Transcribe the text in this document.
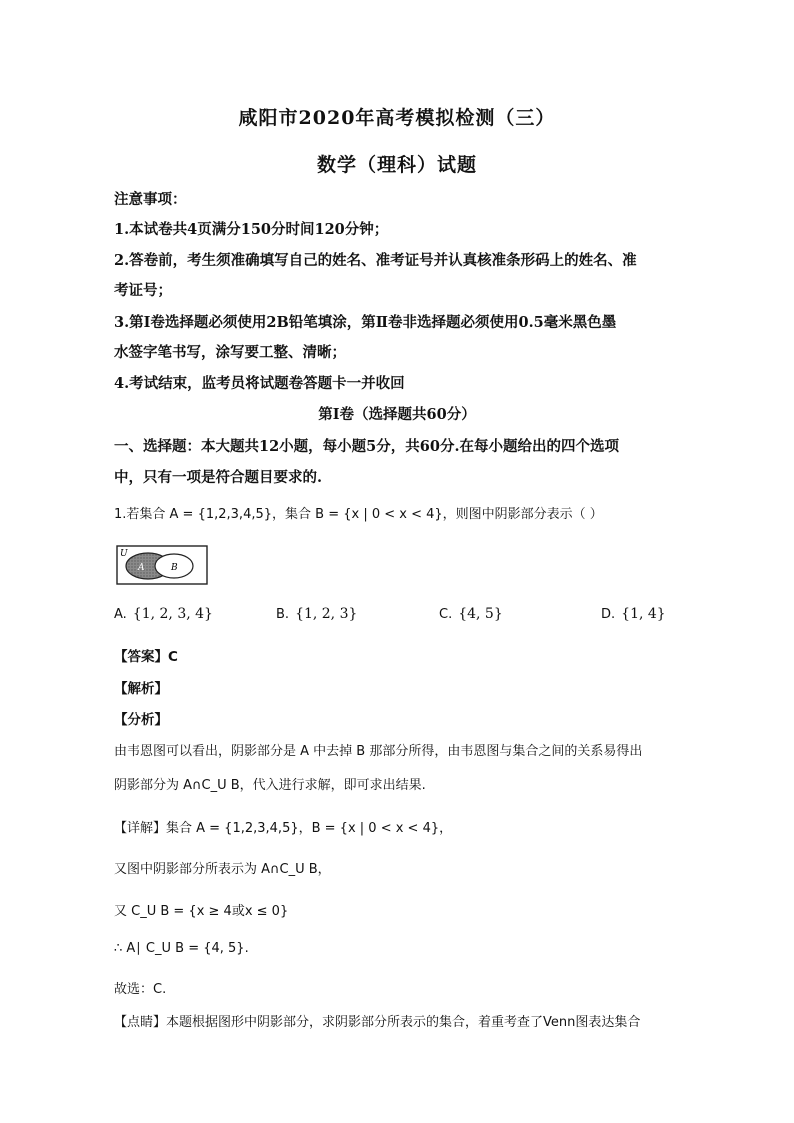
咸阳市2020年高考模拟检测（三）
数学（理科）试题
注意事项：
1.本试卷共4页满分150分时间120分钟；
2.答卷前，考生须准确填写自己的姓名、准考证号并认真核准条形码上的姓名、准
考证号；
3.第Ⅰ卷选择题必须使用2B铅笔填涂，第Ⅱ卷非选择题必须使用0.5毫米黑色墨
水签字笔书写，涂写要工整、清晰；
4.考试结束，监考员将试题卷答题卡一并收回
第Ⅰ卷（选择题共60分）
一、选择题：本大题共12小题，每小题5分，共60分.在每小题给出的四个选项
中，只有一项是符合题目要求的.
1.若集合 A = {1,2,3,4,5}，集合 B = {x | 0 < x < 4}，则图中阴影部分表示（ ）
U
A	B
A. {1, 2, 3, 4}	B. {1, 2, 3}	C. {4, 5}	D. {1, 4}
【答案】C
【解析】
【分析】
由韦恩图可以看出，阴影部分是 A 中去掉 B 那部分所得，由韦恩图与集合之间的关系易得出
阴影部分为 A∩C_U B，代入进行求解，即可求出结果.
【详解】集合 A = {1,2,3,4,5}，B = {x | 0 < x < 4}，
又图中阴影部分所表示为 A∩C_U B，
又 C_U B = {x ≥ 4或x ≤ 0}
∴ A∣ C_U B = {4, 5}.
故选：C.
【点睛】本题根据图形中阴影部分，求阴影部分所表示的集合，着重考查了Venn图表达集合
